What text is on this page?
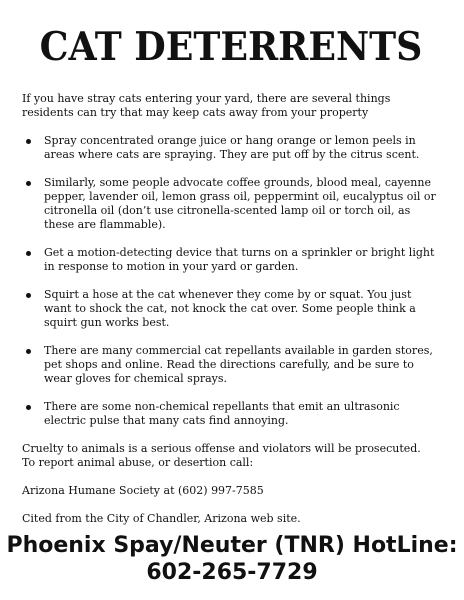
CAT DETERRENTS

If you have stray cats entering your yard, there are several things residents can try that may keep cats away from your property

Spray concentrated orange juice or hang orange or lemon peels in areas where cats are spraying. They are put off by the citrus scent.
Similarly, some people advocate coffee grounds, blood meal, cayenne pepper, lavender oil, lemon grass oil, peppermint oil, eucalyptus oil or citronella oil (don’t use citronella-scented lamp oil or torch oil, as these are flammable).
Get a motion-detecting device that turns on a sprinkler or bright light in response to motion in your yard or garden.
Squirt a hose at the cat whenever they come by or squat. You just want to shock the cat, not knock the cat over. Some people think a squirt gun works best.
There are many commercial cat repellants available in garden stores, pet shops and online. Read the directions carefully, and be sure to wear gloves for chemical sprays.
There are some non-chemical repellants that emit an ultrasonic electric pulse that many cats find annoying.
Cruelty to animals is a serious offense and violators will be prosecuted.
To report animal abuse, or desertion call:
Arizona Humane Society at (602) 997-7585
Cited from the City of Chandler, Arizona web site.
Phoenix Spay/Neuter (TNR) HotLine:
602-265-7729
